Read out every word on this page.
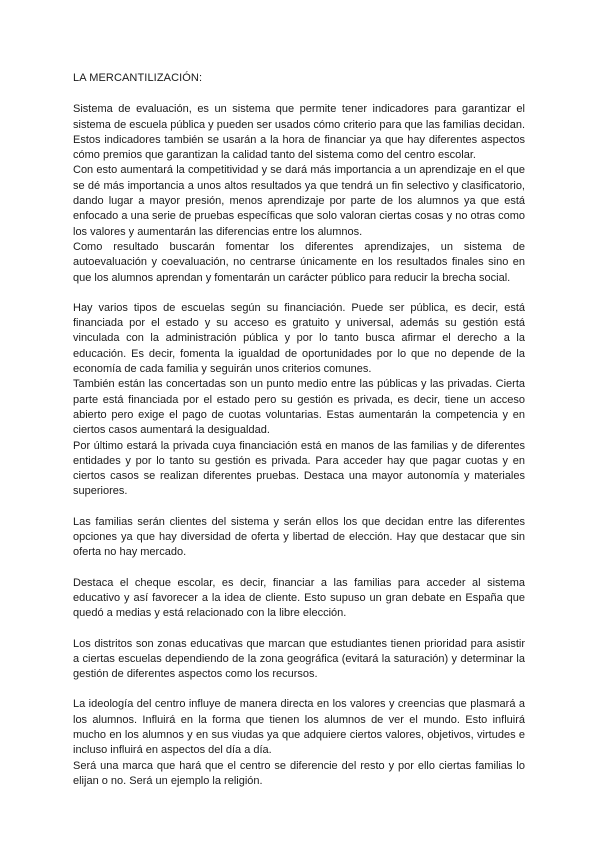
LA MERCANTILIZACIÓN:

Sistema de evaluación, es un sistema que permite tener indicadores para garantizar el sistema de escuela pública y pueden ser usados cómo criterio para que las familias decidan. Estos indicadores también se usarán a la hora de financiar ya que hay diferentes aspectos cómo premios que garantizan la calidad tanto del sistema como del centro escolar.

Con esto aumentará la competitividad y se dará más importancia a un aprendizaje en el que se dé más importancia a unos altos resultados ya que tendrá un fin selectivo y clasificatorio, dando lugar a mayor presión, menos aprendizaje por parte de los alumnos ya que está enfocado a una serie de pruebas específicas que solo valoran ciertas cosas y no otras como los valores y aumentarán las diferencias entre los alumnos.

Como resultado buscarán fomentar los diferentes aprendizajes, un sistema de autoevaluación y coevaluación, no centrarse únicamente en los resultados finales sino en que los alumnos aprendan y fomentarán un carácter público para reducir la brecha social.

Hay varios tipos de escuelas según su financiación. Puede ser pública, es decir, está financiada por el estado y su acceso es gratuito y universal, además su gestión está vinculada con la administración pública y por lo tanto busca afirmar el derecho a la educación. Es decir, fomenta la igualdad de oportunidades por lo que no depende de la economía de cada familia y seguirán unos criterios comunes.

También están las concertadas son un punto medio entre las públicas y las privadas. Cierta parte está financiada por el estado pero su gestión es privada, es decir, tiene un acceso abierto pero exige el pago de cuotas voluntarias. Estas aumentarán la competencia y en ciertos casos aumentará la desigualdad.

Por último estará la privada cuya financiación está en manos de las familias y de diferentes entidades y por lo tanto su gestión es privada. Para acceder hay que pagar cuotas y en ciertos casos se realizan diferentes pruebas. Destaca una mayor autonomía y materiales superiores.

Las familias serán clientes del sistema y serán ellos los que decidan entre las diferentes opciones ya que hay diversidad de oferta y libertad de elección. Hay que destacar que sin oferta no hay mercado.

Destaca el cheque escolar, es decir, financiar a las familias para acceder al sistema educativo y así favorecer a la idea de cliente. Esto supuso un gran debate en España que quedó a medias y está relacionado con la libre elección.

Los distritos son zonas educativas que marcan que estudiantes tienen prioridad para asistir a ciertas escuelas dependiendo de la zona geográfica (evitará la saturación) y determinar la gestión de diferentes aspectos como los recursos.

La ideología del centro influye de manera directa en los valores y creencias que plasmará a los alumnos. Influirá en la forma que tienen los alumnos de ver el mundo. Esto influirá mucho en los alumnos y en sus viudas ya que adquiere ciertos valores, objetivos, virtudes e incluso influirá en aspectos del día a día.

Será una marca que hará que el centro se diferencie del resto y por ello ciertas familias lo elijan o no. Será un ejemplo la religión.
